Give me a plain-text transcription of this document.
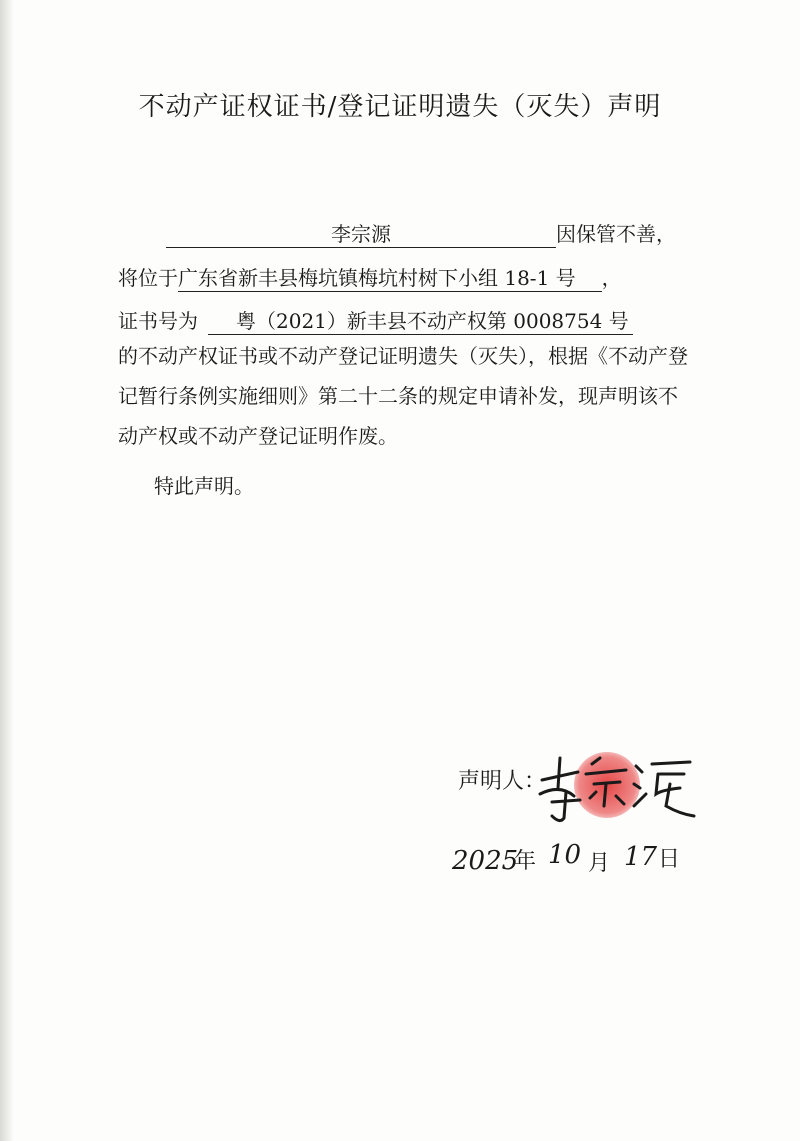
不动产证权证书/登记证明遗失（灭失）声明
李宗源	因保管不善，
将位于广东省新丰县梅坑镇梅坑村树下小组 18-1 号 ，
证书号为 粤（2021）新丰县不动产权第 0008754 号
的不动产权证书或不动产登记证明遗失（灭失），根据《不动产登记暂行条例实施细则》第二十二条的规定申请补发，现声明该不动产权或不动产登记证明作废。
特此声明。
声明人：
2025
年 10 月 17 日
